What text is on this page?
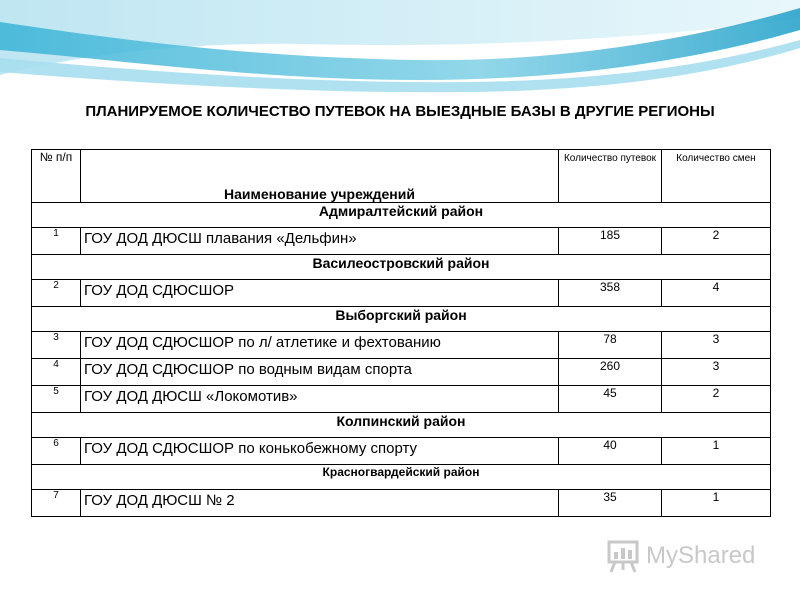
ПЛАНИРУЕМОЕ КОЛИЧЕСТВО ПУТЕВОК НА ВЫЕЗДНЫЕ БАЗЫ В ДРУГИЕ РЕГИОНЫ
№ п/п	Наименование учреждений	Количество путевок	Количество смен
Адмиралтейский район			
1	ГОУ ДОД ДЮСШ плавания «Дельфин»	185	2
Василеостровский район			
2	ГОУ ДОД СДЮСШОР	358	4
Выборгский район			
3	ГОУ ДОД СДЮСШОР по л/ атлетике и фехтованию	78	3
4	ГОУ ДОД СДЮСШОР по водным видам спорта	260	3
5	ГОУ ДОД ДЮСШ «Локомотив»	45	2
Колпинский район			
6	ГОУ ДОД СДЮСШОР по конькобежному спорту	40	1
Красногвардейский район			
7	ГОУ ДОД ДЮСШ № 2	35	1
MyShared
